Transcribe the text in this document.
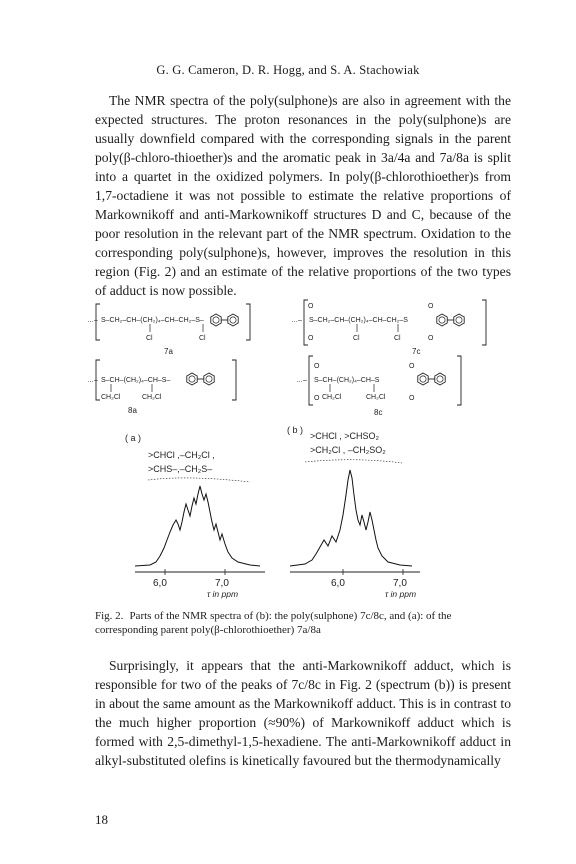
G. G. Cameron, D. R. Hogg, and S. A. Stachowiak

The NMR spectra of the poly(sulphone)s are also in agreement with the expected structures. The proton resonances in the poly(sulphone)s are usually downfield compared with the corresponding signals in the parent poly(β-chloro-thioether)s and the aromatic peak in 3a/4a and 7a/8a is split into a quartet in the oxidized polymers. In poly(β-chlorothioether)s from 1,7-octadiene it was not possible to estimate the relative proportions of Markownikoff and anti-Markownikoff structures D and C, because of the poor resolution in the relevant part of the NMR spectrum. Oxidation to the corresponding poly(sulphone)s, however, improves the resolution in this region (Fig. 2) and an estimate of the relative proportions of the two types of adduct is now possible.

…– S–CH₂–CH–(CH₂)₄–CH–CH₂–S–
Cl	Cl
7a
…– S–CH₂–CH–(CH₂)₄–CH–CH₂–S
O
O
O
O
Cl	Cl
7c
…– S–CH–(CH₂)₄–CH–S–
CH₂Cl	CH₂Cl
8a
…– S–CH–(CH₂)₄–CH–S
O
O
O
O
CH₂Cl	CH₂Cl
8c
( a )
>CHCl ,–CH₂Cl ,
>CHS–,–CH₂S–
6,0	7,0
τ in ppm
( b )
>CHCl , >CHSO₂
>CH₂Cl , –CH₂SO₂
6,0	7,0
τ in ppm

Fig. 2. Parts of the NMR spectra of (b): the poly(sulphone) 7c/8c, and (a): of the corresponding parent poly(β-chlorothioether) 7a/8a

Surprisingly, it appears that the anti-Markownikoff adduct, which is responsible for two of the peaks of 7c/8c in Fig. 2 (spectrum (b)) is present in about the same amount as the Markownikoff adduct. This is in contrast to the much higher proportion (≈90%) of Markownikoff adduct which is formed with 2,5-dimethyl-1,5-hexadiene. The anti-Markownikoff adduct in alkyl-substituted olefins is kinetically favoured but the thermodynamically

18
